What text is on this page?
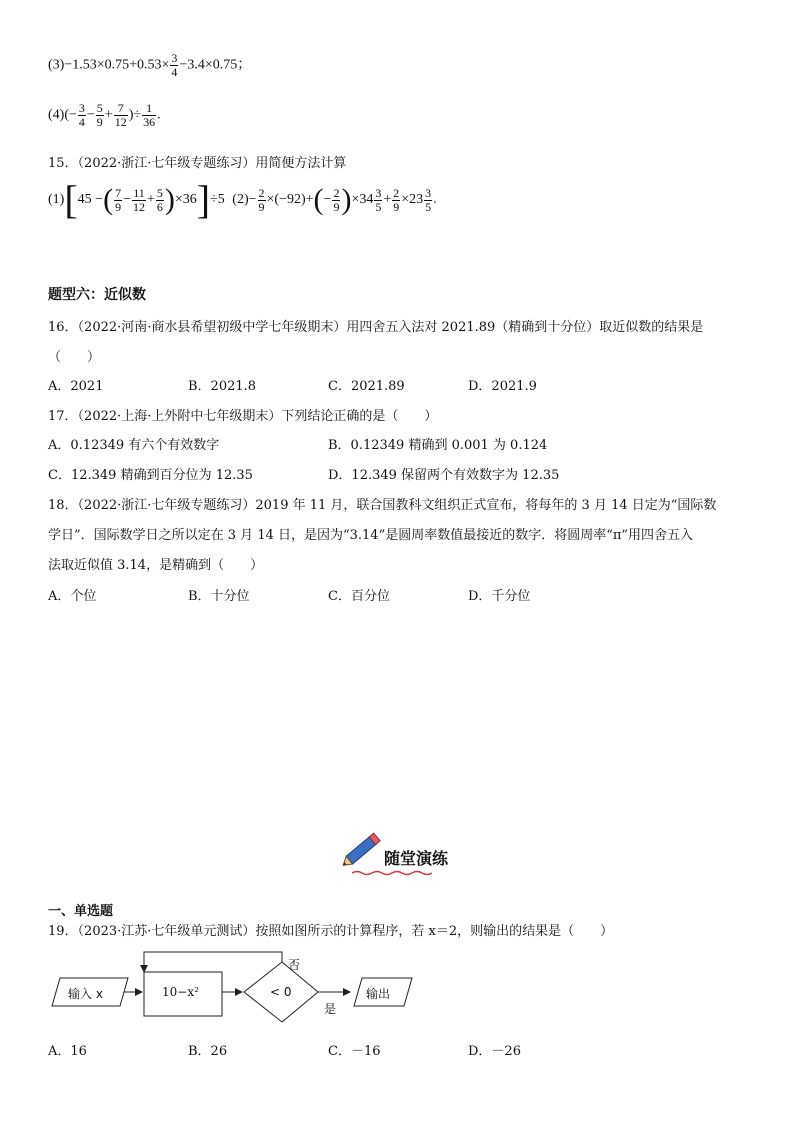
$(3)-1.53\times 0.75+0.53\times \frac{3}{4} -3.4\times 0.75$；
$(4)(- \frac{3}{4} - \frac{5}{9} + \frac{7}{12}$ )÷ $\frac{1}{36}$ .
15．（2022·浙江·七年级专题练习）用简便方法计算
(1)[45 −( $\frac{7}{9} - \frac{11}{12} + \frac{5}{6} )\times 36]\div 5$ $(2)- \frac{2}{9} \times(-92)+(- \frac{2}{9} )\times 34 \frac{3}{5} + \frac{2}{9} \times 23 \frac{3}{5}$ .
题型六：近似数
16．（2022·河南·商水县希望初级中学七年级期末）用四舍五入法对 2021.89（精确到十分位）取近似数的结果是
（　　）
A．2021	B．2021.8	C．2021.89	D．2021.9
17．（2022·上海·上外附中七年级期末）下列结论正确的是（　　）
A．0.12349 有六个有效数字	B．0.12349 精确到 0.001 为 0.124
C．12.349 精确到百分位为 12.35	D．12.349 保留两个有效数字为 12.35
18．（2022·浙江·七年级专题练习）2019 年 11 月，联合国教科文组织正式宣布，将每年的 3 月 14 日定为“国际数
学日”．国际数学日之所以定在 3 月 14 日，是因为“3.14”是圆周率数值最接近的数字．将圆周率“π”用四舍五入
法取近似值 3.14，是精确到（　　）
A．个位	B．十分位	C．百分位	D．千分位
随堂演练
一、单选题
19．（2023·江苏·七年级单元测试）按照如图所示的计算程序，若 x＝2，则输出的结果是（　　）
输入 x	10−x²	< 0	输出
否
是
A．16	B．26	C．－16	D．－26
